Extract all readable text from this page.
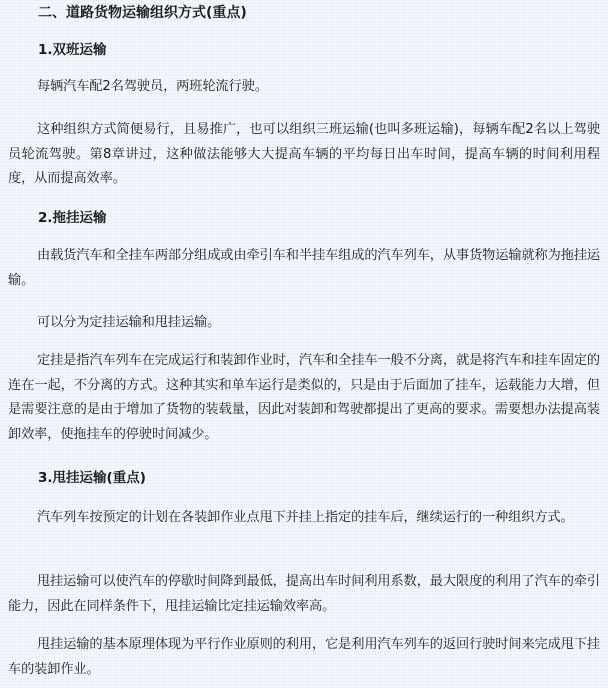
二、道路货物运输组织方式(重点)
1.双班运输

每辆汽车配2名驾驶员，两班轮流行驶。

这种组织方式简便易行，且易推广，也可以组织三班运输(也叫多班运输)，每辆车配2名以上驾驶员轮流驾驶。第8章讲过，这种做法能够大大提高车辆的平均每日出车时间，提高车辆的时间利用程度，从而提高效率。

2.拖挂运输

由载货汽车和全挂车两部分组成或由牵引车和半挂车组成的汽车列车，从事货物运输就称为拖挂运输。

可以分为定挂运输和甩挂运输。

定挂是指汽车列车在完成运行和装卸作业时，汽车和全挂车一般不分离，就是将汽车和挂车固定的连在一起，不分离的方式。这种其实和单车运行是类似的，只是由于后面加了挂车，运载能力大增，但是需要注意的是由于增加了货物的装载量，因此对装卸和驾驶都提出了更高的要求。需要想办法提高装卸效率，使拖挂车的停驶时间减少。

3.甩挂运输(重点)

汽车列车按预定的计划在各装卸作业点甩下并挂上指定的挂车后，继续运行的一种组织方式。

甩挂运输可以使汽车的停歇时间降到最低，提高出车时间利用系数，最大限度的利用了汽车的牵引能力，因此在同样条件下，甩挂运输比定挂运输效率高。

甩挂运输的基本原理体现为平行作业原则的利用，它是利用汽车列车的返回行驶时间来完成甩下挂车的装卸作业。
